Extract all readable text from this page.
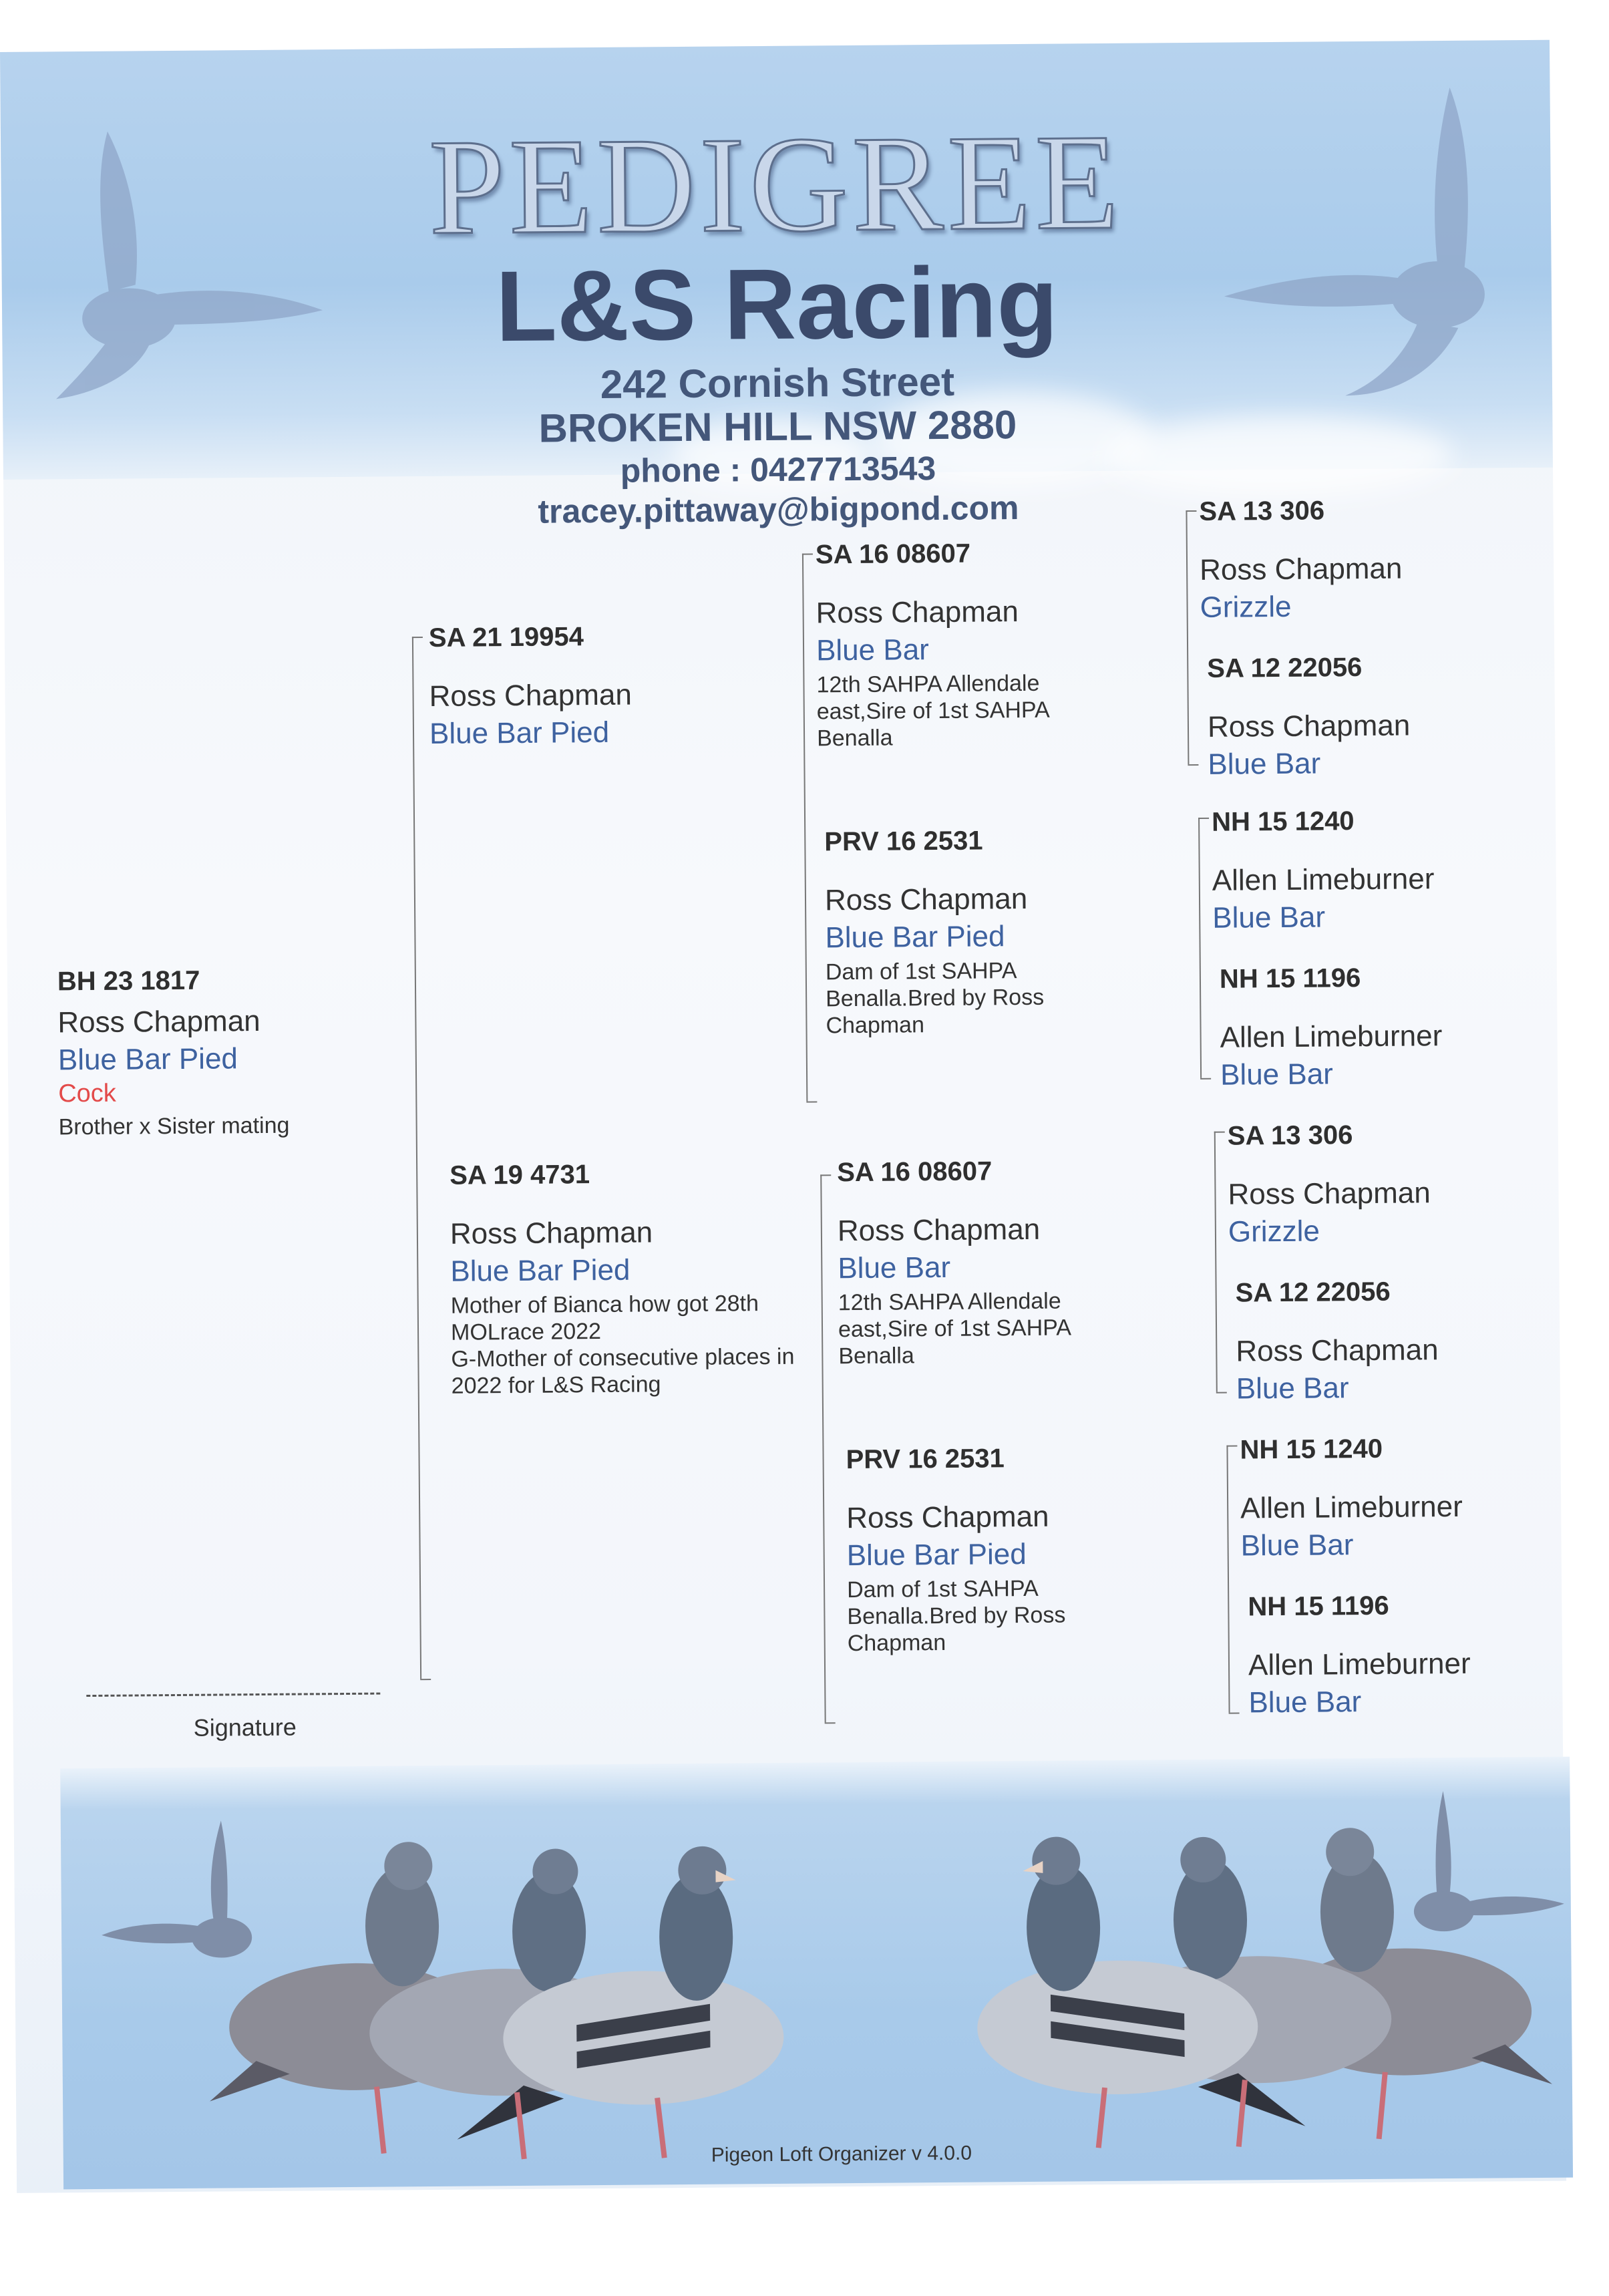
PEDIGREE
L&S Racing
242 Cornish Street
BROKEN HILL NSW 2880
phone : 0427713543
tracey.pittaway@bigpond.com
BH 23 1817
Ross Chapman
Blue Bar Pied
Cock
Brother x Sister mating
SA 21 19954
Ross Chapman
Blue Bar Pied
SA 19 4731
Ross Chapman
Blue Bar Pied
Mother of Bianca how got 28th MOLrace 2022
G-Mother of consecutive places in 2022 for L&S Racing
SA 16 08607
Ross Chapman
Blue Bar
12th SAHPA Allendale east,Sire of 1st SAHPA Benalla
PRV 16 2531
Ross Chapman
Blue Bar Pied
Dam of 1st SAHPA Benalla.Bred by Ross Chapman
SA 16 08607
Ross Chapman
Blue Bar
12th SAHPA Allendale east,Sire of 1st SAHPA Benalla
PRV 16 2531
Ross Chapman
Blue Bar Pied
Dam of 1st SAHPA Benalla.Bred by Ross Chapman
SA 13 306
Ross Chapman
Grizzle
SA 12 22056
Ross Chapman
Blue Bar
NH 15 1240
Allen Limeburner
Blue Bar
NH 15 1196
Allen Limeburner
Blue Bar
SA 13 306
Ross Chapman
Grizzle
SA 12 22056
Ross Chapman
Blue Bar
NH 15 1240
Allen Limeburner
Blue Bar
NH 15 1196
Allen Limeburner
Blue Bar
Signature
Pigeon Loft Organizer v 4.0.0
